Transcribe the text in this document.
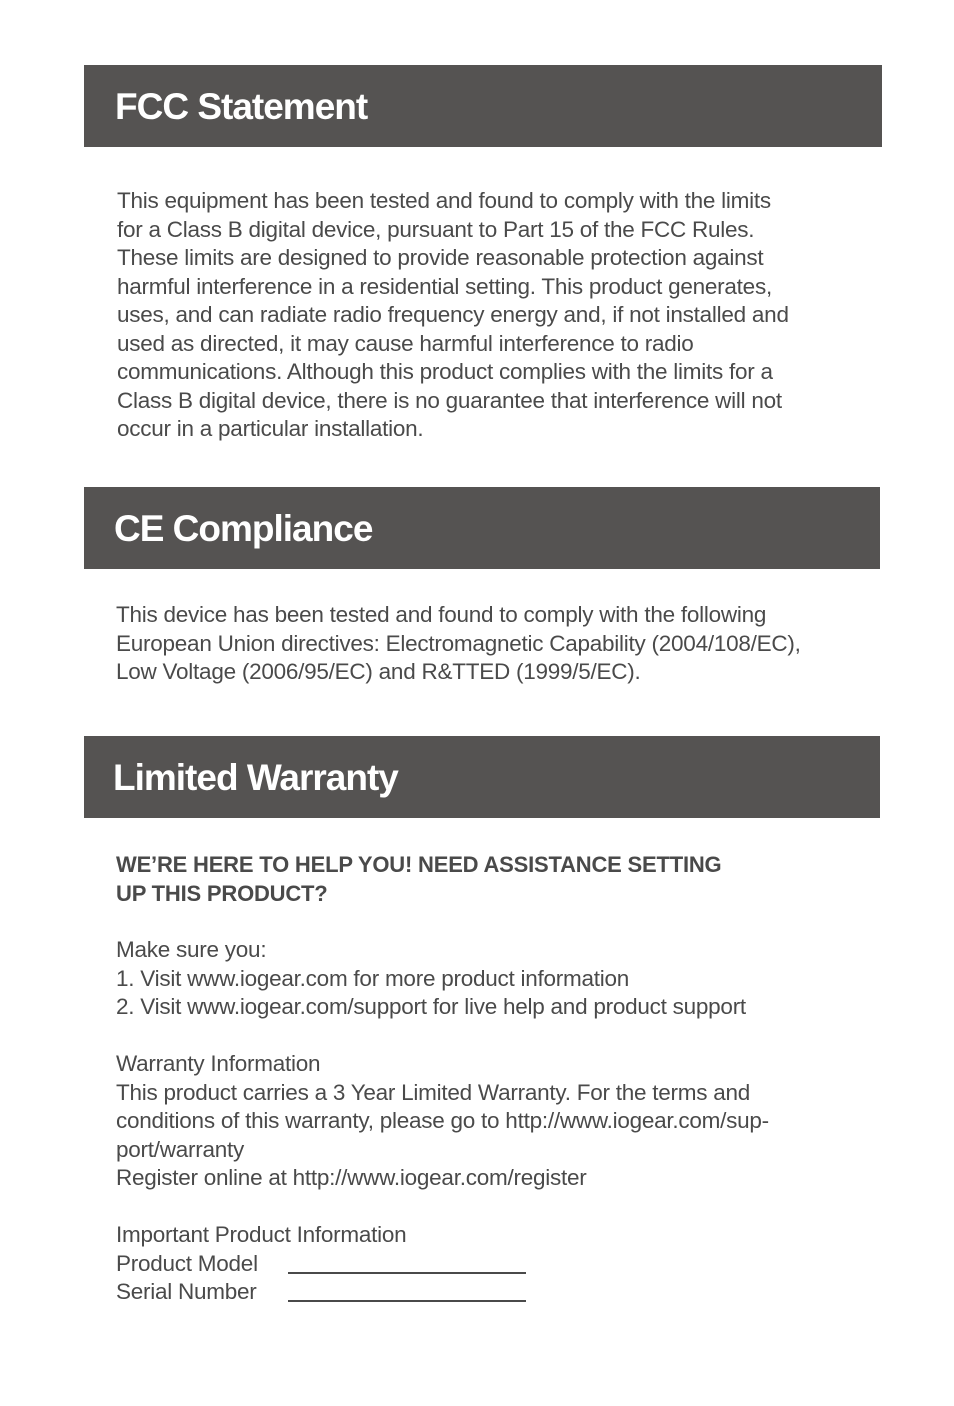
FCC Statement

This equipment has been tested and found to comply with the limits
for a Class B digital device, pursuant to Part 15 of the FCC Rules.
These limits are designed to provide reasonable protection against
harmful interference in a residential setting. This product generates,
uses, and can radiate radio frequency energy and, if not installed and
used as directed, it may cause harmful interference to radio
communications. Although this product complies with the limits for a
Class B digital device, there is no guarantee that interference will not
occur in a particular installation.

CE Compliance

This device has been tested and found to comply with the following
European Union directives: Electromagnetic Capability (2004/108/EC),
Low Voltage (2006/95/EC) and R&TTED (1999/5/EC).

Limited Warranty

WE’RE HERE TO HELP YOU! NEED ASSISTANCE SETTING
UP THIS PRODUCT?

Make sure you:
1. Visit www.iogear.com for more product information
2. Visit www.iogear.com/support for live help and product support

Warranty Information
This product carries a 3 Year Limited Warranty. For the terms and
conditions of this warranty, please go to http://www.iogear.com/sup-
port/warranty
Register online at http://www.iogear.com/register

Important Product Information
Product Model
Serial Number
